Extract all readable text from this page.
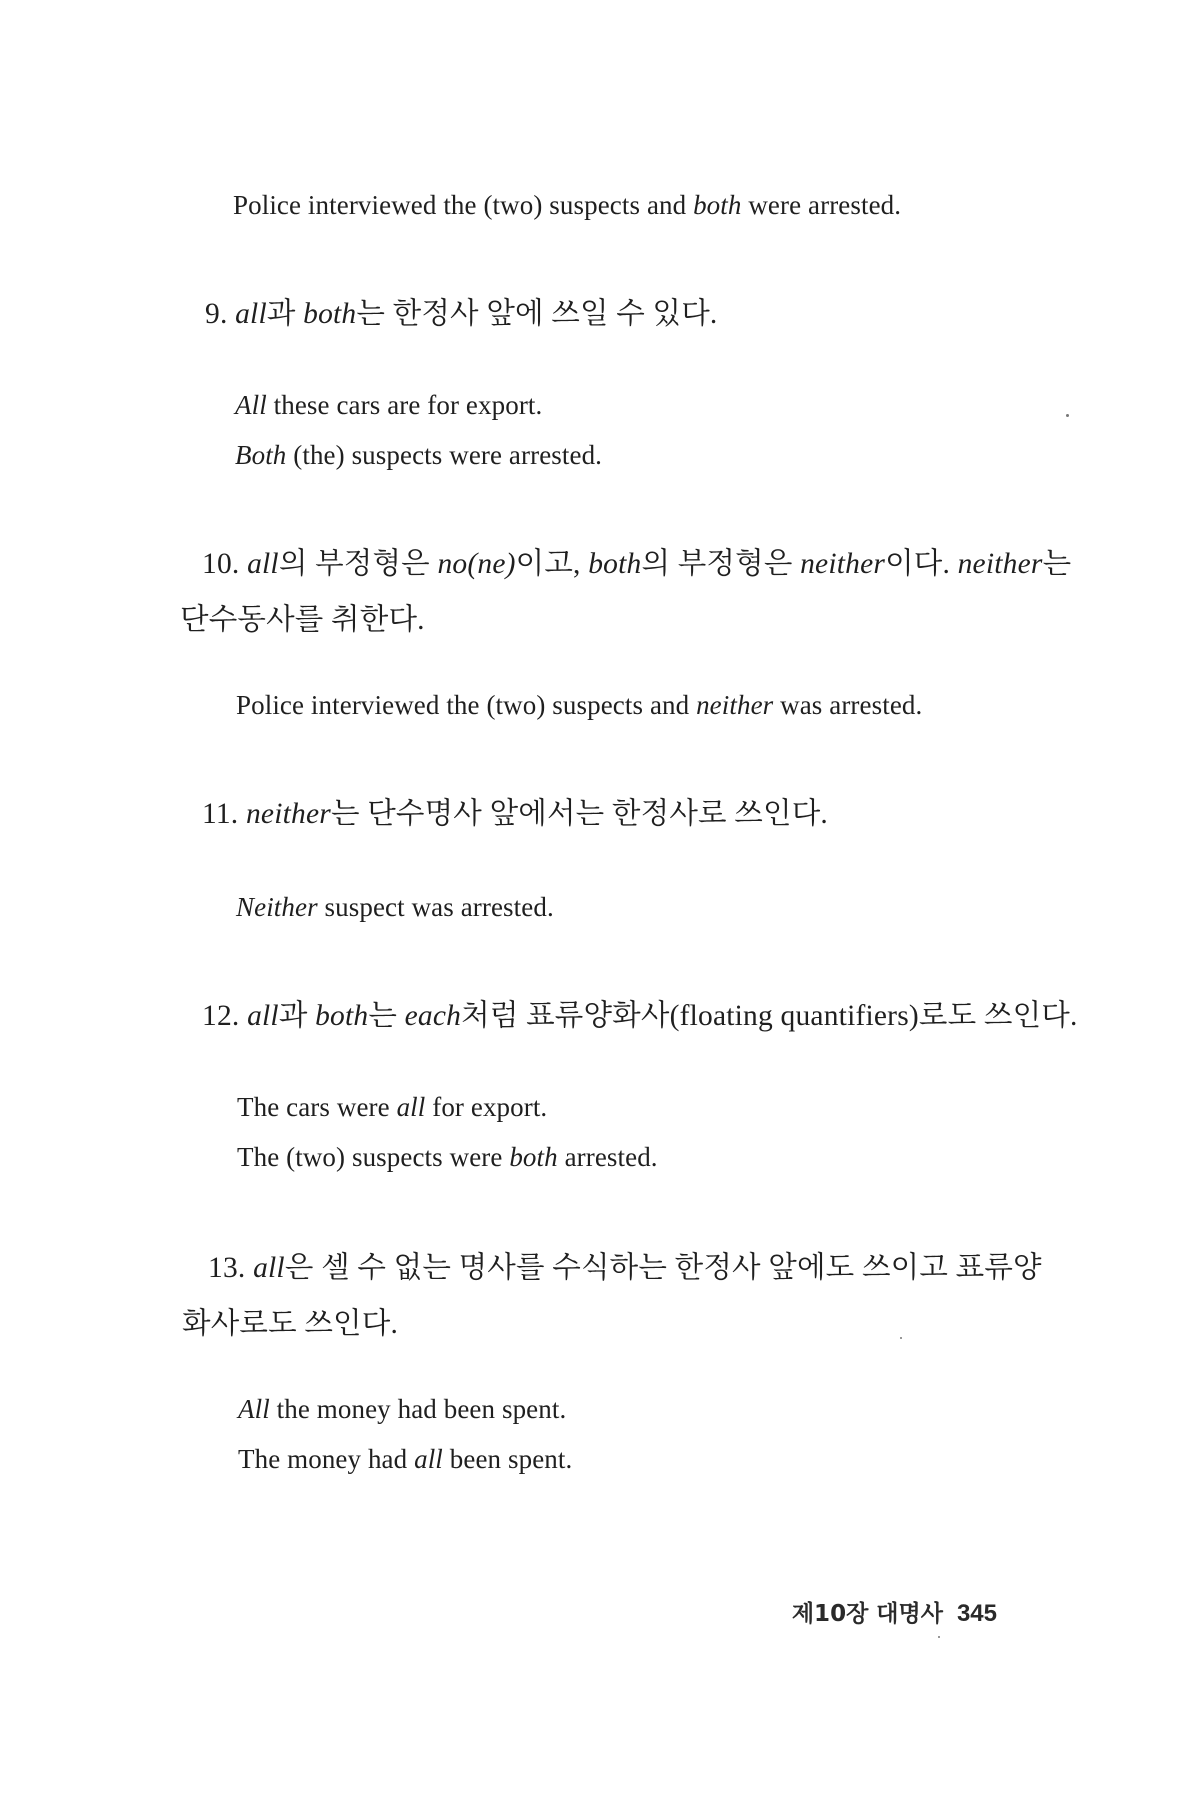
Police interviewed the (two) suspects and both were arrested.
9. all과 both는 한정사 앞에 쓰일 수 있다.
All these cars are for export.
Both (the) suspects were arrested.
10. all의 부정형은 no(ne)이고, both의 부정형은 neither이다. neither는
단수동사를 취한다.
Police interviewed the (two) suspects and neither was arrested.
11. neither는 단수명사 앞에서는 한정사로 쓰인다.
Neither suspect was arrested.
12. all과 both는 each처럼 표류양화사(floating quantifiers)로도 쓰인다.
The cars were all for export.
The (two) suspects were both arrested.
13. all은 셀 수 없는 명사를 수식하는 한정사 앞에도 쓰이고 표류양
화사로도 쓰인다.
All the money had been spent.
The money had all been spent.
제10장 대명사 345
